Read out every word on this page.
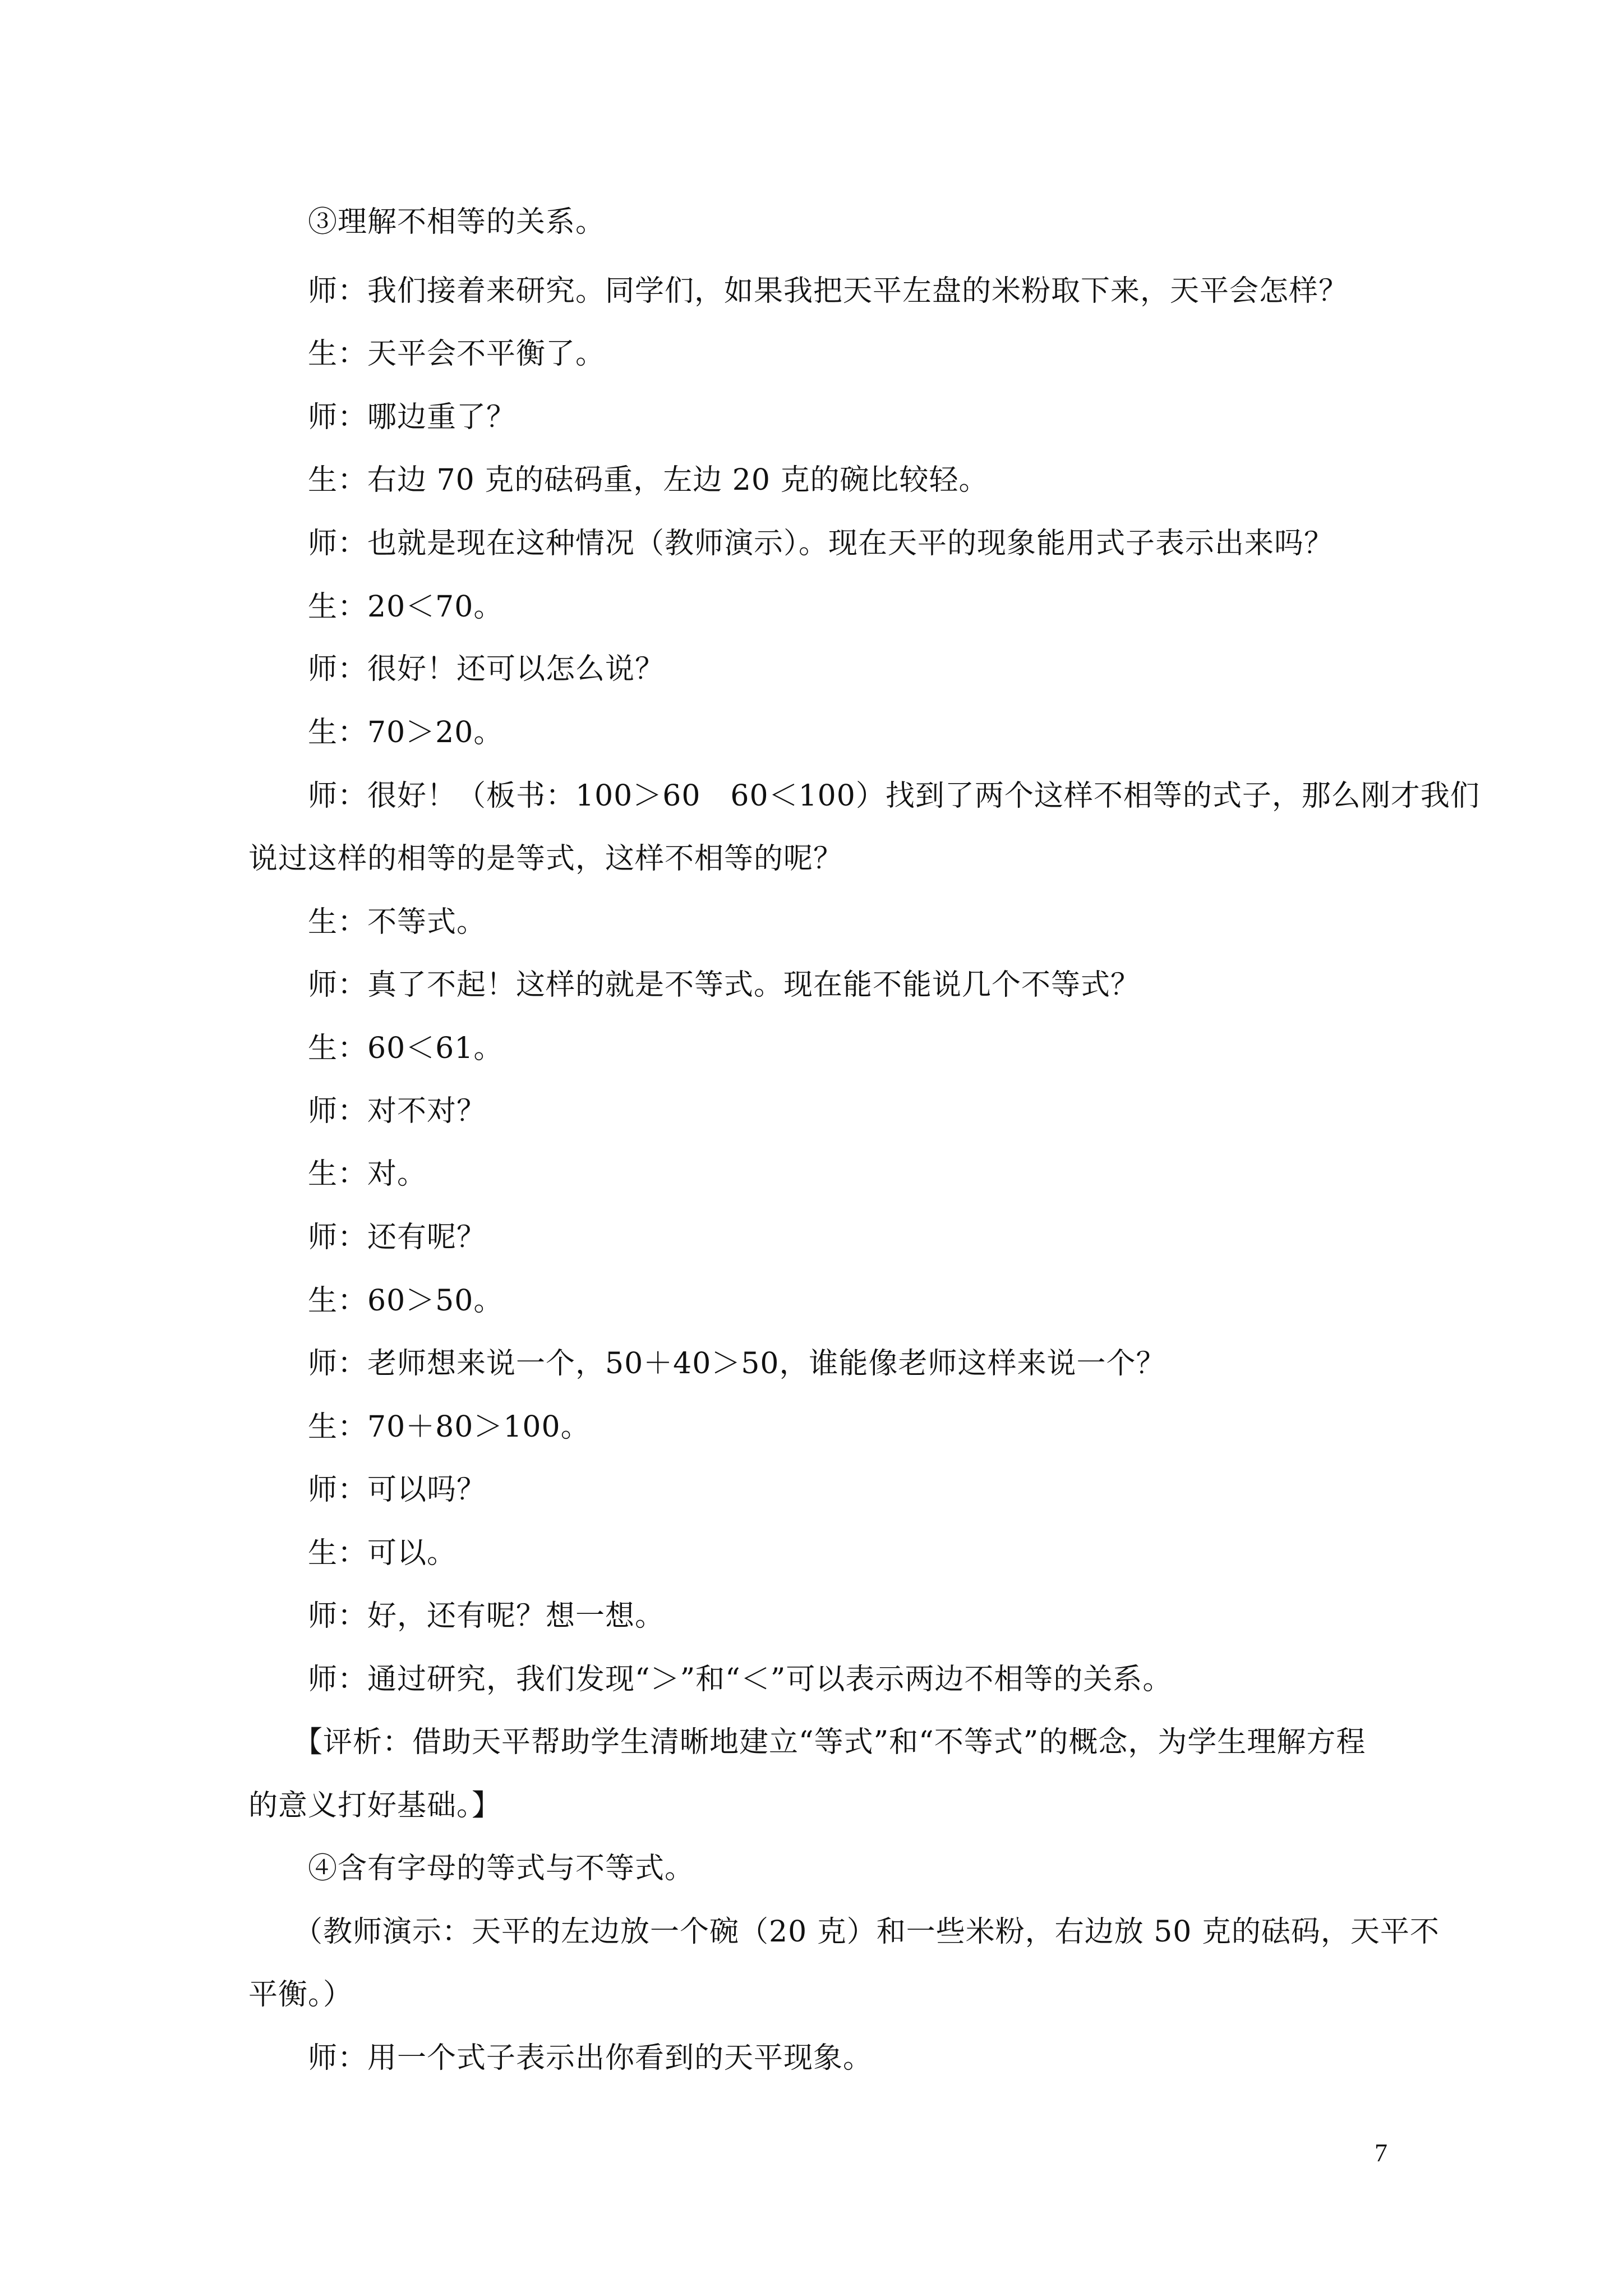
　　③理解不相等的关系。

　　师：我们接着来研究。同学们，如果我把天平左盘的米粉取下来，天平会怎样？

　　生：天平会不平衡了。

　　师：哪边重了？

　　生：右边 70 克的砝码重，左边 20 克的碗比较轻。

　　师：也就是现在这种情况（教师演示）。现在天平的现象能用式子表示出来吗？

　　生：20＜70。

　　师：很好！还可以怎么说？

　　生：70＞20。

　　师：很好！（板书：100＞60　60＜100）找到了两个这样不相等的式子，那么刚才我们

说过这样的相等的是等式，这样不相等的呢？

　　生：不等式。

　　师：真了不起！这样的就是不等式。现在能不能说几个不等式？

　　生：60＜61。

　　师：对不对？

　　生：对。

　　师：还有呢？

　　生：60＞50。

　　师：老师想来说一个，50＋40＞50，谁能像老师这样来说一个？

　　生：70＋80＞100。

　　师：可以吗？

　　生：可以。

　　师：好，还有呢？想一想。

　　师：通过研究，我们发现“＞”和“＜”可以表示两边不相等的关系。

　　【评析：借助天平帮助学生清晰地建立“等式”和“不等式”的概念，为学生理解方程

的意义打好基础。】

　　④含有字母的等式与不等式。

　　（教师演示：天平的左边放一个碗（20 克）和一些米粉，右边放 50 克的砝码，天平不

平衡。）

　　师：用一个式子表示出你看到的天平现象。

7
